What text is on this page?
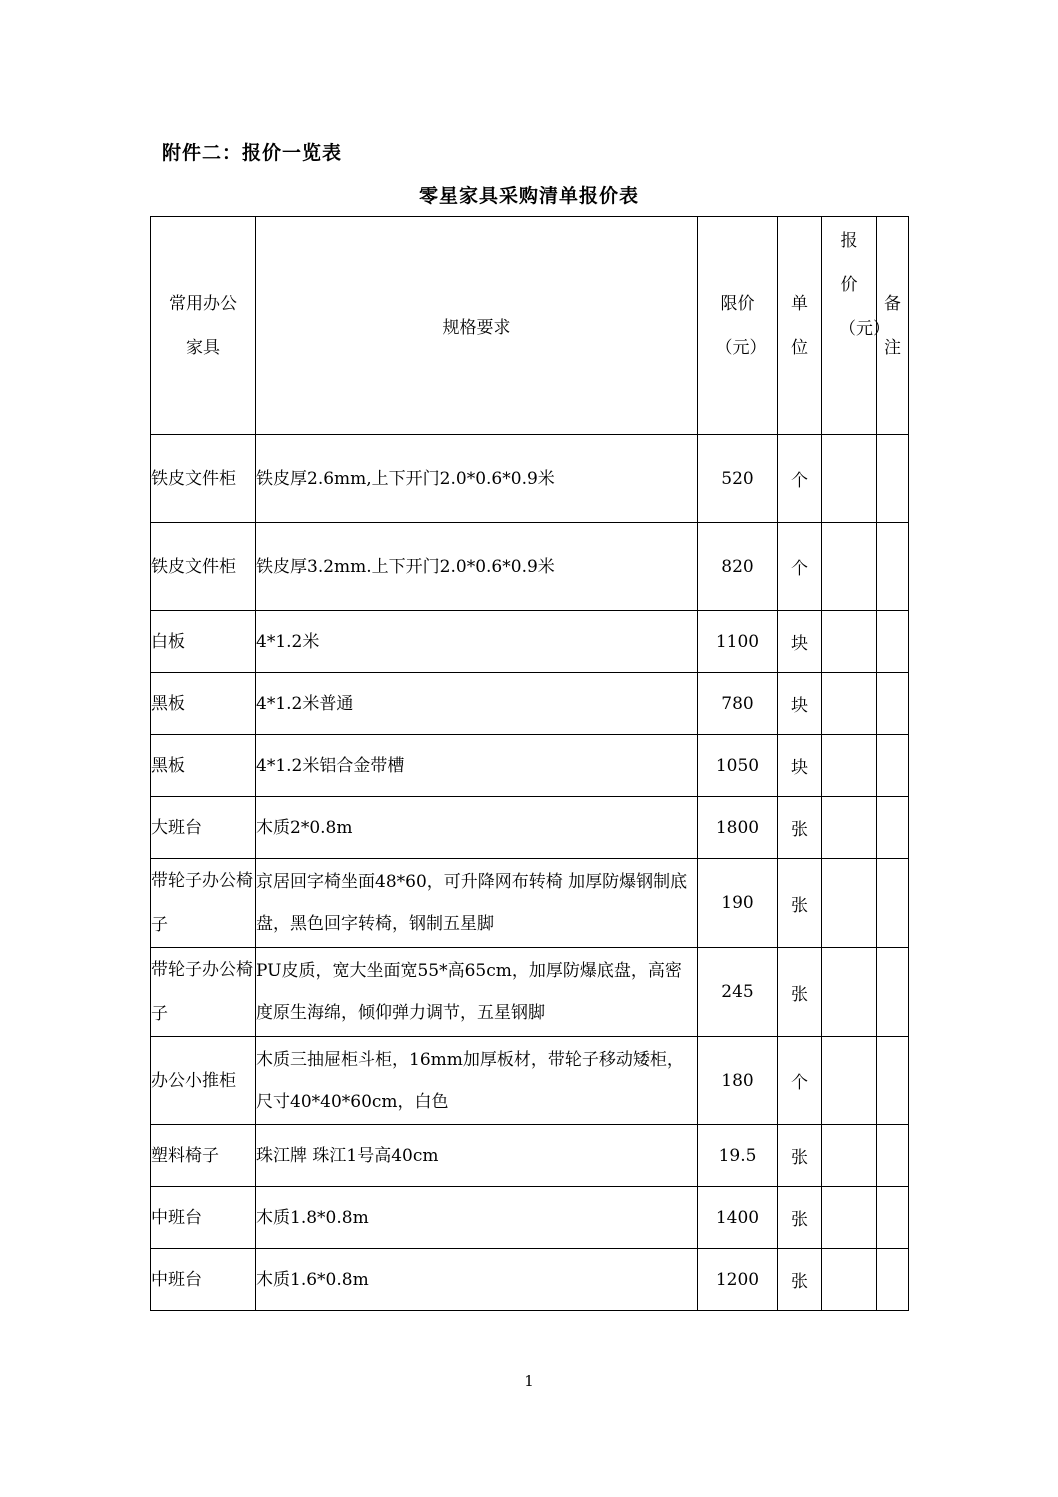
附件二：报价一览表
零星家具采购清单报价表
常用办公家具	规格要求	限价（元）	单位	报价（元）	备注

铁皮文件柜	铁皮厚2.6mm,上下开门2.0*0.6*0.9米	520	个		
铁皮文件柜	铁皮厚3.2mm.上下开门2.0*0.6*0.9米	820	个		
白板	4*1.2米	1100	块		
黑板	4*1.2米普通	780	块		
黑板	4*1.2米铝合金带槽	1050	块		
大班台	木质2*0.8m	1800	张		
带轮子办公椅子	京居回字椅坐面48*60，可升降网布转椅 加厚防爆钢制底盘，黑色回字转椅，钢制五星脚	190	张		
带轮子办公椅子	PU皮质，宽大坐面宽55*高65cm，加厚防爆底盘，高密度原生海绵，倾仰弹力调节，五星钢脚	245	张		
办公小推柜	木质三抽屉柜斗柜，16mm加厚板材，带轮子移动矮柜，尺寸40*40*60cm，白色	180	个		
塑料椅子	珠江牌 珠江1号高40cm	19.5	张		
中班台	木质1.8*0.8m	1400	张		
中班台	木质1.6*0.8m	1200	张		
1
